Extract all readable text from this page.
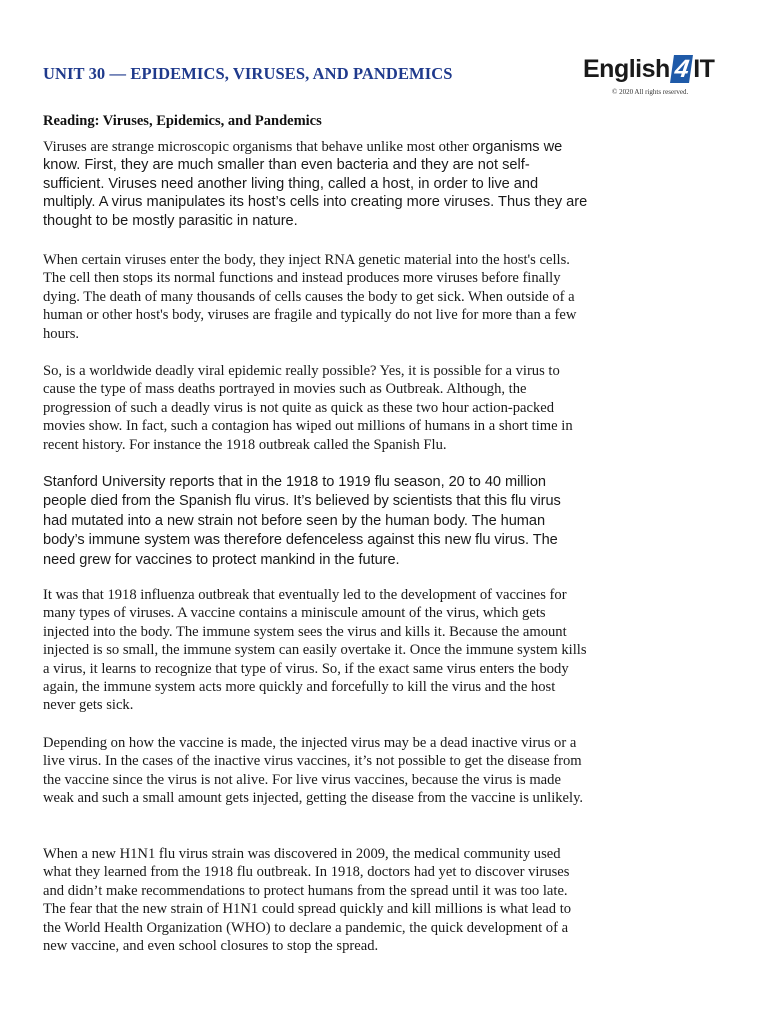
UNIT 30 — EPIDEMICS, VIRUSES, AND PANDEMICS	English 4 IT
© 2020 All rights reserved.
Reading: Viruses, Epidemics, and Pandemics

Viruses are strange microscopic organisms that behave unlike most other organisms we know. First, they are much smaller than even bacteria and they are not self-sufficient. Viruses need another living thing, called a host, in order to live and multiply. A virus manipulates its host’s cells into creating more viruses. Thus they are thought to be mostly parasitic in nature.

When certain viruses enter the body, they inject RNA genetic material into the host's cells. The cell then stops its normal functions and instead produces more viruses before finally dying. The death of many thousands of cells causes the body to get sick. When outside of a human or other host's body, viruses are fragile and typically do not live for more than a few hours.

So, is a worldwide deadly viral epidemic really possible? Yes, it is possible for a virus to cause the type of mass deaths portrayed in movies such as Outbreak. Although, the progression of such a deadly virus is not quite as quick as these two hour action-packed movies show. In fact, such a contagion has wiped out millions of humans in a short time in recent history. For instance the 1918 outbreak called the Spanish Flu.

Stanford University reports that in the 1918 to 1919 flu season, 20 to 40 million people died from the Spanish flu virus. It’s believed by scientists that this flu virus had mutated into a new strain not before seen by the human body. The human body’s immune system was therefore defenceless against this new flu virus. The need grew for vaccines to protect mankind in the future.

It was that 1918 influenza outbreak that eventually led to the development of vaccines for many types of viruses. A vaccine contains a miniscule amount of the virus, which gets injected into the body. The immune system sees the virus and kills it. Because the amount injected is so small, the immune system can easily overtake it. Once the immune system kills a virus, it learns to recognize that type of virus. So, if the exact same virus enters the body again, the immune system acts more quickly and forcefully to kill the virus and the host never gets sick.

Depending on how the vaccine is made, the injected virus may be a dead inactive virus or a live virus. In the cases of the inactive virus vaccines, it’s not possible to get the disease from the vaccine since the virus is not alive. For live virus vaccines, because the virus is made weak and such a small amount gets injected, getting the disease from the vaccine is unlikely.

When a new H1N1 flu virus strain was discovered in 2009, the medical community used what they learned from the 1918 flu outbreak. In 1918, doctors had yet to discover viruses and didn’t make recommendations to protect humans from the spread until it was too late. The fear that the new strain of H1N1 could spread quickly and kill millions is what lead to the World Health Organization (WHO) to declare a pandemic, the quick development of a new vaccine, and even school closures to stop the spread.
